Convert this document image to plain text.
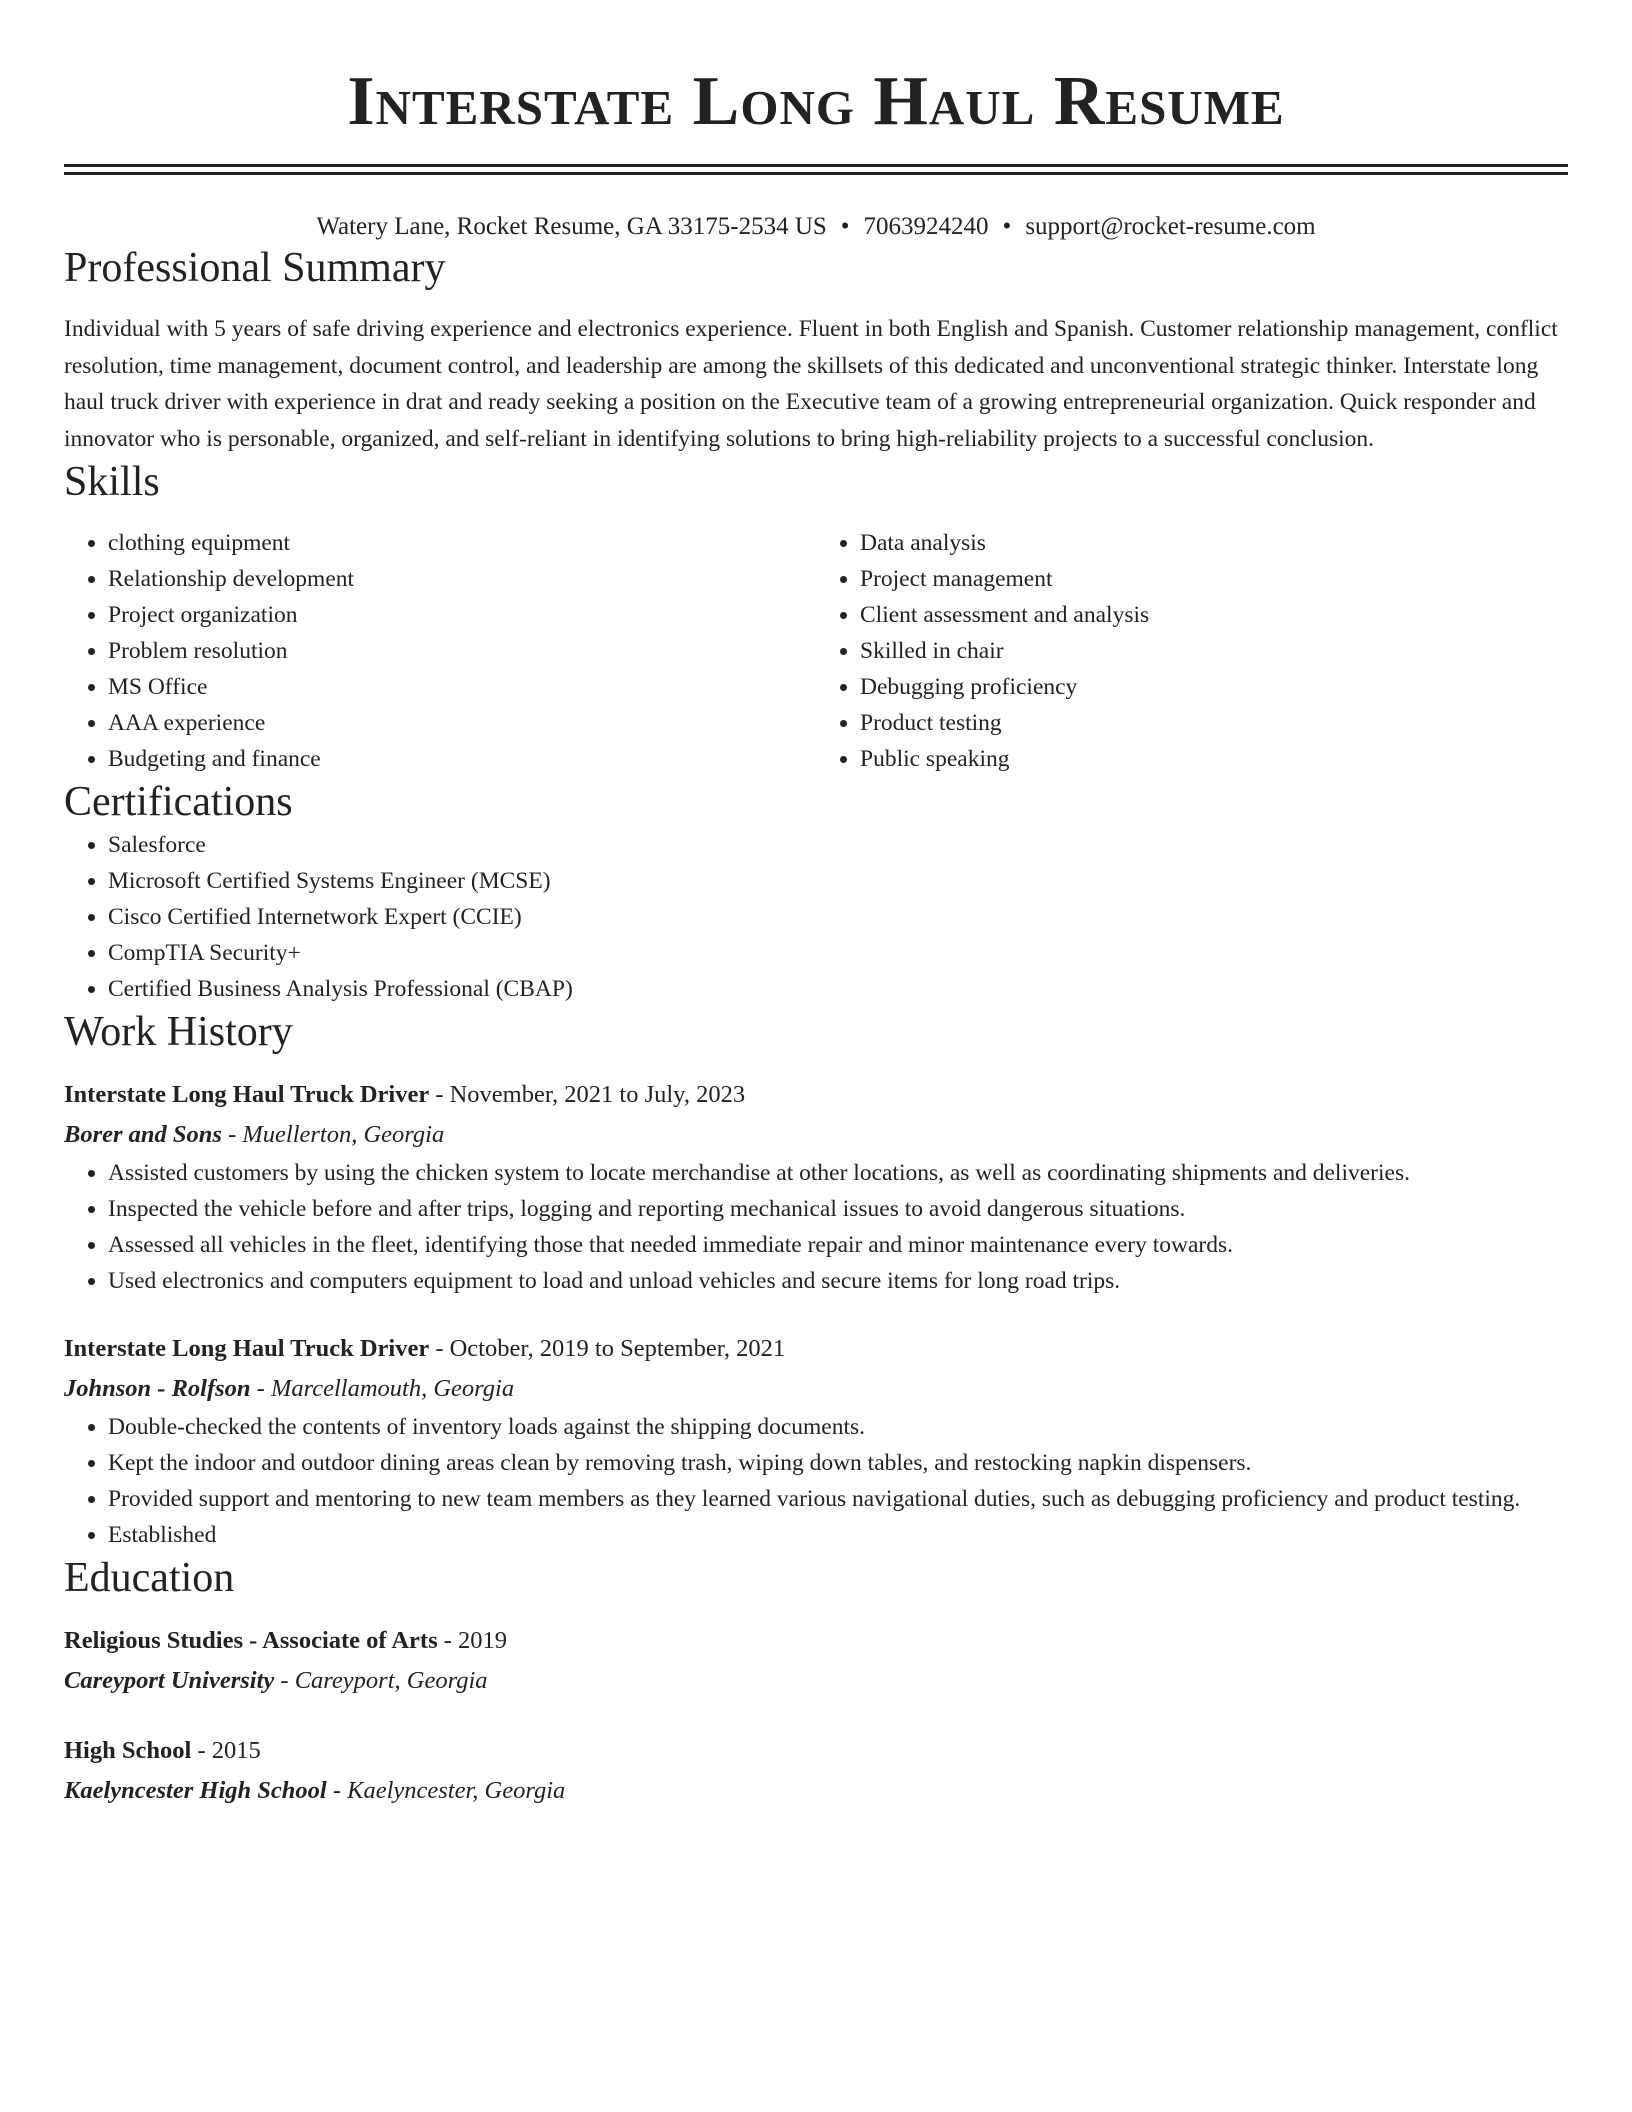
Interstate Long Haul Resume
Watery Lane, Rocket Resume, GA 33175-2534 US • 7063924240 • support@rocket-resume.com
Professional Summary
Individual with 5 years of safe driving experience and electronics experience. Fluent in both English and Spanish. Customer relationship management, conflict resolution, time management, document control, and leadership are among the skillsets of this dedicated and unconventional strategic thinker. Interstate long haul truck driver with experience in drat and ready seeking a position on the Executive team of a growing entrepreneurial organization. Quick responder and innovator who is personable, organized, and self-reliant in identifying solutions to bring high-reliability projects to a successful conclusion.
Skills
• clothing equipment
• Relationship development
• Project organization
• Problem resolution
• MS Office
• AAA experience
• Budgeting and finance
• Data analysis
• Project management
• Client assessment and analysis
• Skilled in chair
• Debugging proficiency
• Product testing
• Public speaking
Certifications
• Salesforce
• Microsoft Certified Systems Engineer (MCSE)
• Cisco Certified Internetwork Expert (CCIE)
• CompTIA Security+
• Certified Business Analysis Professional (CBAP)
Work History
Interstate Long Haul Truck Driver - November, 2021 to July, 2023
Borer and Sons - Muellerton, Georgia
• Assisted customers by using the chicken system to locate merchandise at other locations, as well as coordinating shipments and deliveries.
• Inspected the vehicle before and after trips, logging and reporting mechanical issues to avoid dangerous situations.
• Assessed all vehicles in the fleet, identifying those that needed immediate repair and minor maintenance every towards.
• Used electronics and computers equipment to load and unload vehicles and secure items for long road trips.
Interstate Long Haul Truck Driver - October, 2019 to September, 2021
Johnson - Rolfson - Marcellamouth, Georgia
• Double-checked the contents of inventory loads against the shipping documents.
• Kept the indoor and outdoor dining areas clean by removing trash, wiping down tables, and restocking napkin dispensers.
• Provided support and mentoring to new team members as they learned various navigational duties, such as debugging proficiency and product testing.
• Established
Education
Religious Studies - Associate of Arts - 2019
Careyport University - Careyport, Georgia
High School - 2015
Kaelyncester High School - Kaelyncester, Georgia
